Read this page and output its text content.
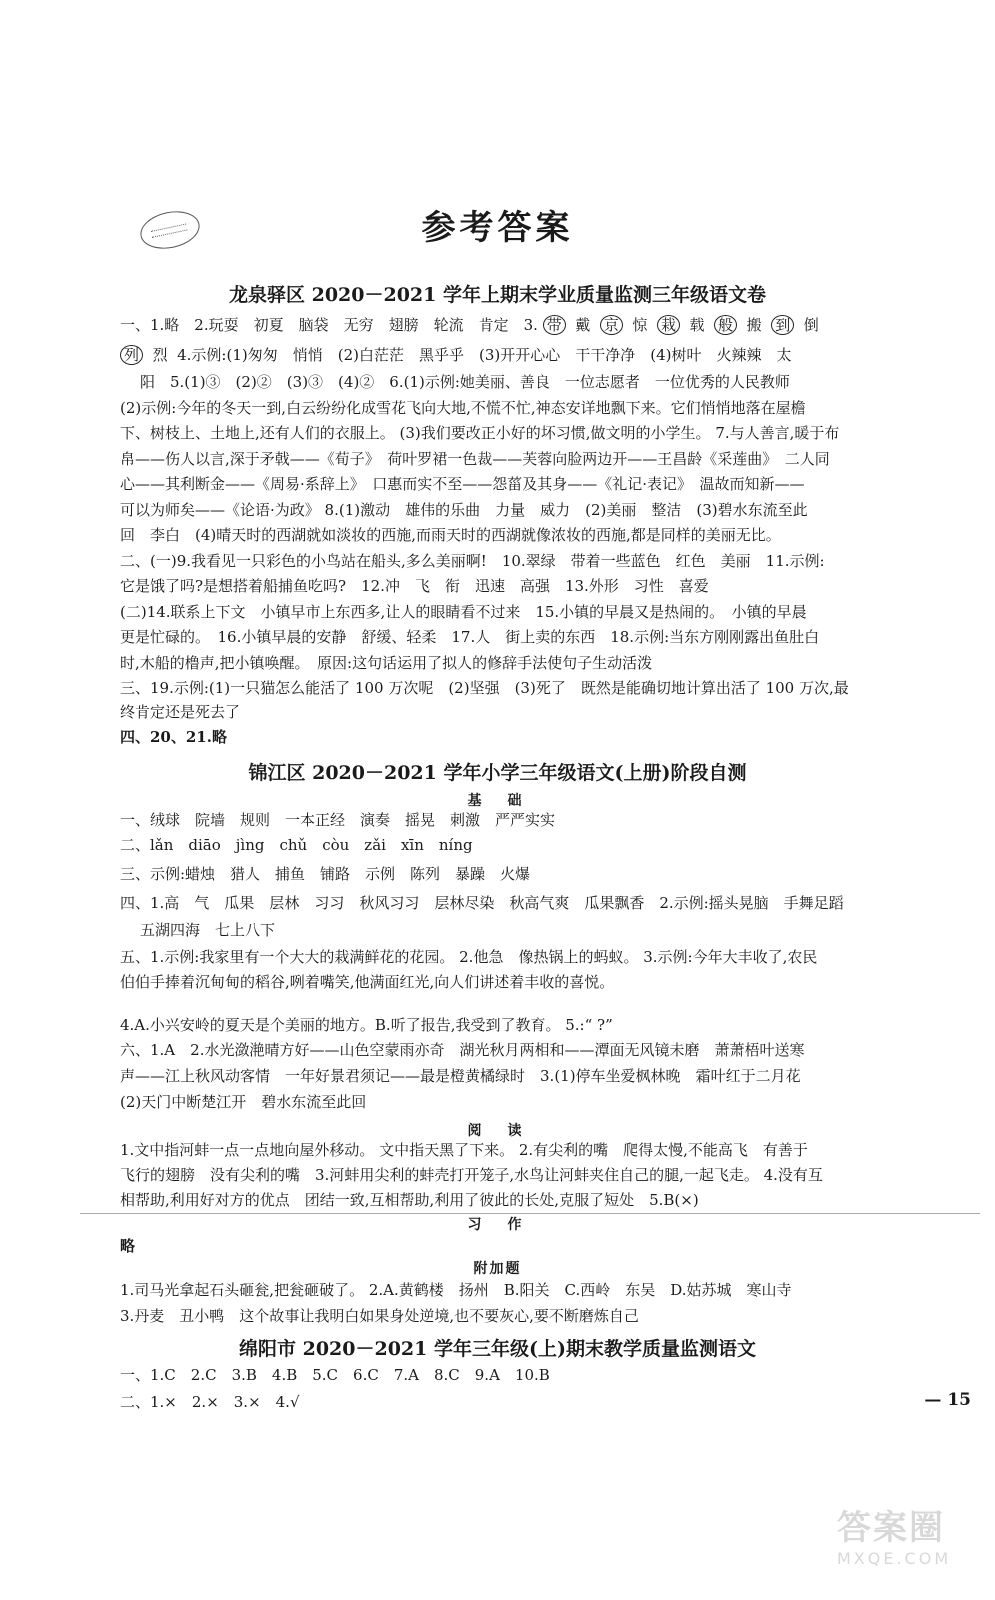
参考答案
龙泉驿区 2020－2021 学年上期末学业质量监测三年级语文卷
一、1.略　2.玩耍　初夏　脑袋　无穷　翅膀　轮流　肯定　3. 带 戴 京 惊 栽 载 般 搬 到 倒
列 烈 4.示例:(1)匆匆　悄悄　(2)白茫茫　黑乎乎　(3)开开心心　干干净净　(4)树叶　火辣辣　太
阳　5.(1)③　(2)②　(3)③　(4)②　6.(1)示例:她美丽、善良　一位志愿者　一位优秀的人民教师
(2)示例:今年的冬天一到,白云纷纷化成雪花飞向大地,不慌不忙,神态安详地飘下来。它们悄悄地落在屋檐
下、树枝上、土地上,还有人们的衣服上。 (3)我们要改正小好的坏习惯,做文明的小学生。 7.与人善言,暖于布
帛——伤人以言,深于矛戟——《荀子》　荷叶罗裙一色裁——芙蓉向脸两边开——王昌龄《采莲曲》　二人同
心——其利断金——《周易·系辞上》　口惠而实不至——怨菑及其身——《礼记·表记》　温故而知新——
可以为师矣——《论语·为政》 8.(1)激动　雄伟的乐曲　力量　威力　(2)美丽　整洁　(3)碧水东流至此
回　李白　(4)晴天时的西湖就如淡妆的西施,而雨天时的西湖就像浓妆的西施,都是同样的美丽无比。
二、(一)9.我看见一只彩色的小鸟站在船头,多么美丽啊!　10.翠绿　带着一些蓝色　红色　美丽　11.示例:
它是饿了吗?是想搭着船捕鱼吃吗?　12.冲　飞　衔　迅速　高强　13.外形　习性　喜爱
(二)14.联系上下文　小镇早市上东西多,让人的眼睛看不过来　15.小镇的早晨又是热闹的。　小镇的早晨
更是忙碌的。　16.小镇早晨的安静　舒缓、轻柔　17.人　街上卖的东西　18.示例:当东方刚刚露出鱼肚白
时,木船的橹声,把小镇唤醒。　原因:这句话运用了拟人的修辞手法使句子生动活泼
三、19.示例:(1)一只猫怎么能活了 100 万次呢　(2)坚强　(3)死了　既然是能确切地计算出活了 100 万次,最
终肯定还是死去了
四、20、21.略
锦江区 2020－2021 学年小学三年级语文(上册)阶段自测
基　础
一、绒球　院墙　规则　一本正经　演奏　摇晃　刺激　严严实实
二、lǎn　diāo　jìng　chǔ　còu　zǎi　xīn　níng
三、示例:蜡烛　猎人　捕鱼　铺路　示例　陈列　暴躁　火爆
四、1.高　气　瓜果　层林　习习　秋风习习　层林尽染　秋高气爽　瓜果飘香　2.示例:摇头晃脑　手舞足蹈
五湖四海　七上八下
五、1.示例:我家里有一个大大的栽满鲜花的花园。 2.他急　像热锅上的蚂蚁。 3.示例:今年大丰收了,农民
伯伯手捧着沉甸甸的稻谷,咧着嘴笑,他满面红光,向人们讲述着丰收的喜悦。
4.A.小兴安岭的夏天是个美丽的地方。B.听了报告,我受到了教育。 5.:“ ?”
六、1.A　2.水光潋滟晴方好——山色空蒙雨亦奇　湖光秋月两相和——潭面无风镜未磨　萧萧梧叶送寒
声——江上秋风动客情　一年好景君须记——最是橙黄橘绿时　3.(1)停车坐爱枫林晚　霜叶红于二月花
(2)天门中断楚江开　碧水东流至此回
阅　读
1.文中指河蚌一点一点地向屋外移动。 文中指天黑了下来。 2.有尖利的嘴　爬得太慢,不能高飞　有善于
飞行的翅膀　没有尖利的嘴　3.河蚌用尖利的蚌壳打开笼子,水鸟让河蚌夹住自己的腿,一起飞走。 4.没有互
相帮助,利用好对方的优点　团结一致,互相帮助,利用了彼此的长处,克服了短处　5.B(×)
习　作
略
附加题
1.司马光拿起石头砸瓮,把瓮砸破了。 2.A.黄鹤楼　扬州　B.阳关　C.西岭　东吴　D.姑苏城　寒山寺
3.丹麦　丑小鸭　这个故事让我明白如果身处逆境,也不要灰心,要不断磨炼自己
绵阳市 2020－2021 学年三年级(上)期末教学质量监测语文
一、1.C　2.C　3.B　4.B　5.C　6.C　7.A　8.C　9.A　10.B
二、1.×　2.×　3.×　4.√	— 15
答案圈
MXQE.COM
